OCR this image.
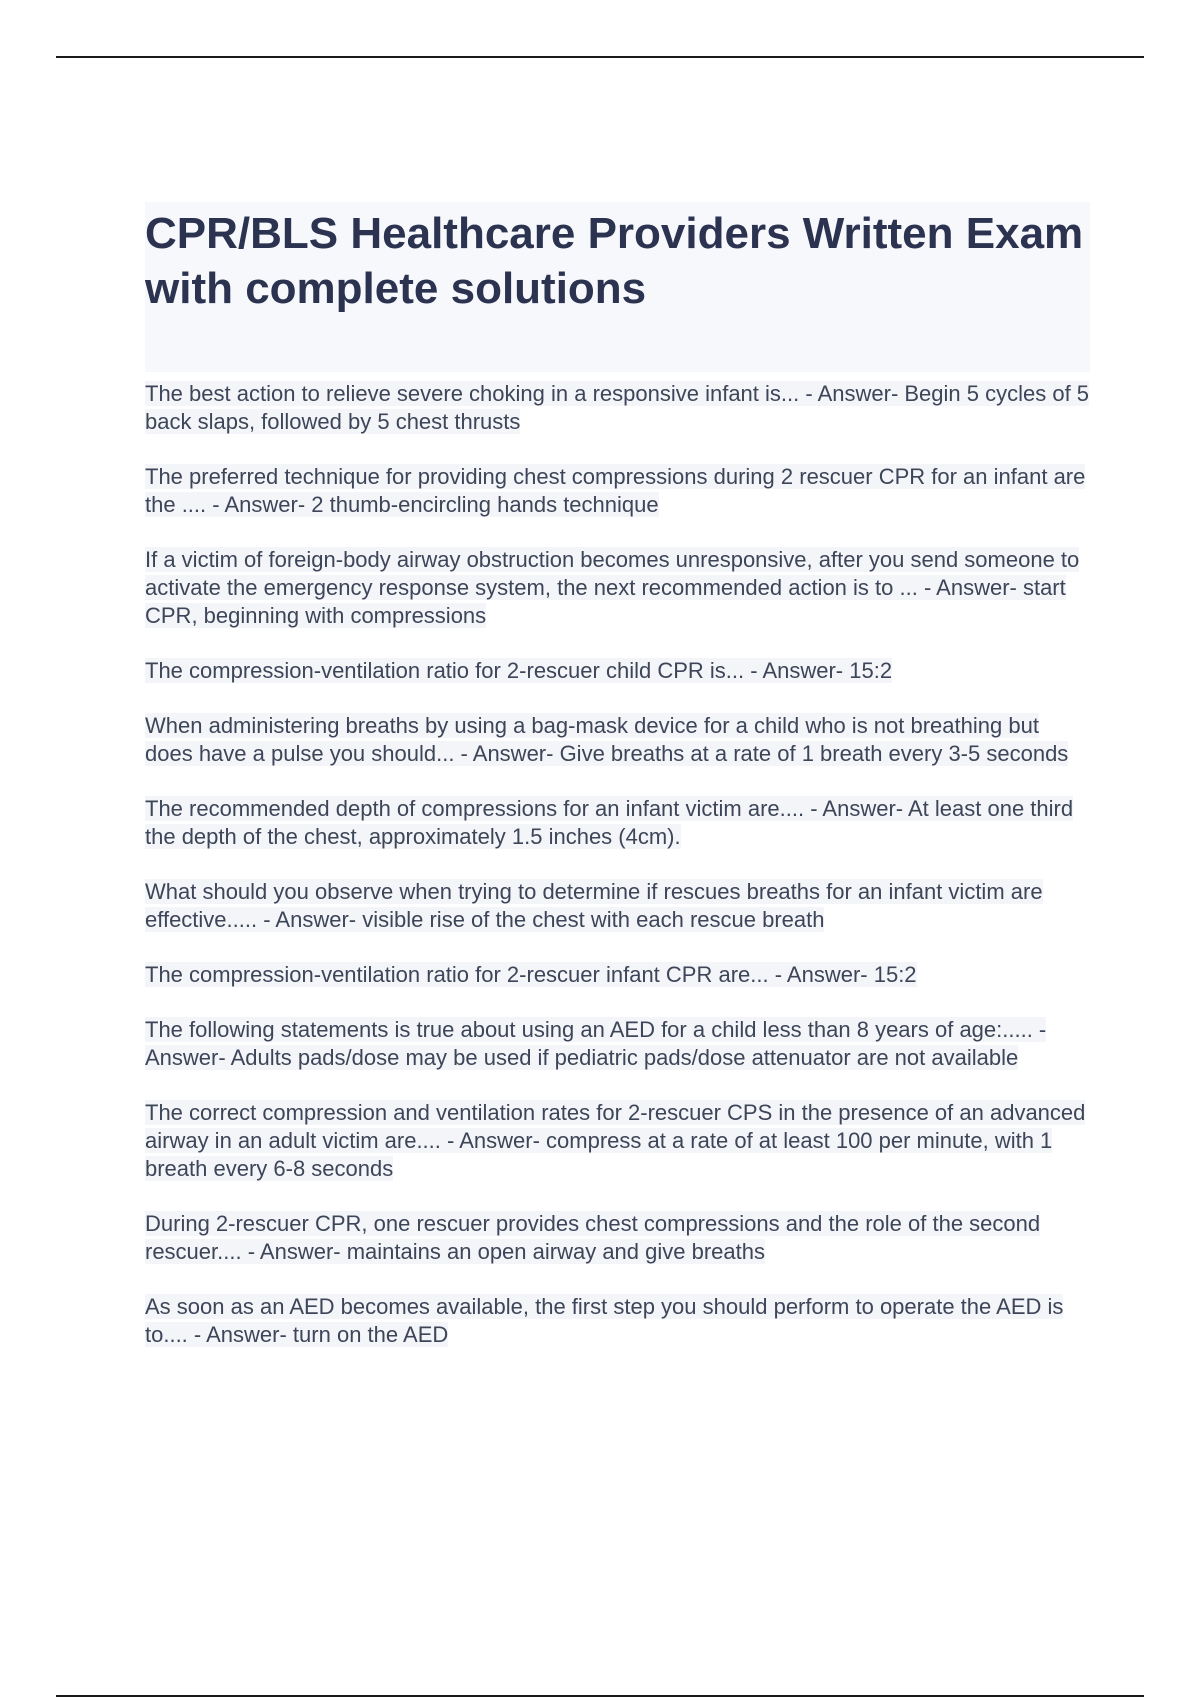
CPR/BLS Healthcare Providers Written Exam with complete solutions

The best action to relieve severe choking in a responsive infant is... - Answer- Begin 5 cycles of 5 back slaps, followed by 5 chest thrusts

The preferred technique for providing chest compressions during 2 rescuer CPR for an infant are the .... - Answer- 2 thumb-encircling hands technique

If a victim of foreign-body airway obstruction becomes unresponsive, after you send someone to activate the emergency response system, the next recommended action is to ... - Answer- start CPR, beginning with compressions

The compression-ventilation ratio for 2-rescuer child CPR is... - Answer- 15:2

When administering breaths by using a bag-mask device for a child who is not breathing but does have a pulse you should... - Answer- Give breaths at a rate of 1 breath every 3-5 seconds

The recommended depth of compressions for an infant victim are.... - Answer- At least one third the depth of the chest, approximately 1.5 inches (4cm).

What should you observe when trying to determine if rescues breaths for an infant victim are effective..... - Answer- visible rise of the chest with each rescue breath

The compression-ventilation ratio for 2-rescuer infant CPR are... - Answer- 15:2

The following statements is true about using an AED for a child less than 8 years of age:..... - Answer- Adults pads/dose may be used if pediatric pads/dose attenuator are not available

The correct compression and ventilation rates for 2-rescuer CPS in the presence of an advanced airway in an adult victim are.... - Answer- compress at a rate of at least 100 per minute, with 1 breath every 6-8 seconds

During 2-rescuer CPR, one rescuer provides chest compressions and the role of the second rescuer.... - Answer- maintains an open airway and give breaths

As soon as an AED becomes available, the first step you should perform to operate the AED is to.... - Answer- turn on the AED
